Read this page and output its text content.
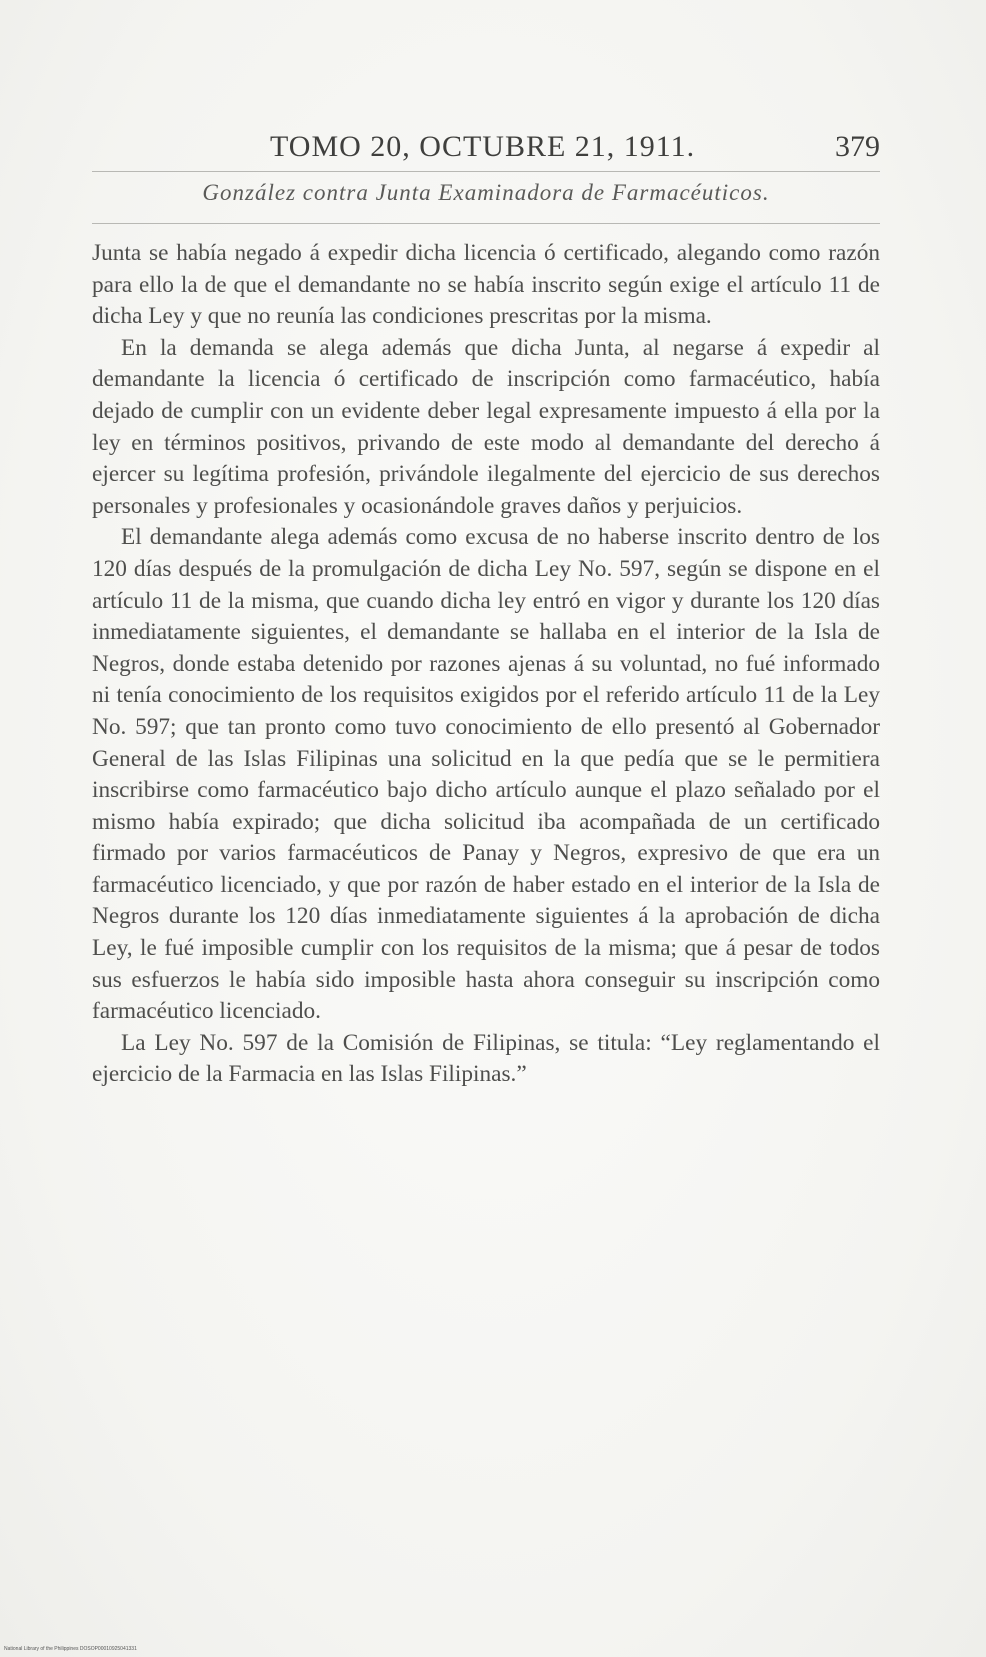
TOMO 20, OCTUBRE 21, 1911.	379
González contra Junta Examinadora de Farmacéuticos.

Junta se había negado á expedir dicha licencia ó certificado, alegando como razón para ello la de que el demandante no se había inscrito según exige el artículo 11 de dicha Ley y que no reunía las condiciones prescritas por la misma.

En la demanda se alega además que dicha Junta, al negarse á expedir al demandante la licencia ó certificado de inscripción como farmacéutico, había dejado de cumplir con un evidente deber legal expresamente impuesto á ella por la ley en términos positivos, privando de este modo al demandante del derecho á ejercer su legítima profesión, privándole ilegalmente del ejercicio de sus derechos personales y profesionales y ocasionándole graves daños y perjuicios.

El demandante alega además como excusa de no haberse inscrito dentro de los 120 días después de la promulgación de dicha Ley No. 597, según se dispone en el artículo 11 de la misma, que cuando dicha ley entró en vigor y durante los 120 días inmediatamente siguientes, el demandante se hallaba en el interior de la Isla de Negros, donde estaba detenido por razones ajenas á su voluntad, no fué informado ni tenía conocimiento de los requisitos exigidos por el referido artículo 11 de la Ley No. 597; que tan pronto como tuvo conocimiento de ello presentó al Gobernador General de las Islas Filipinas una solicitud en la que pedía que se le permitiera inscribirse como farmacéutico bajo dicho artículo aunque el plazo señalado por el mismo había expirado; que dicha solicitud iba acompañada de un certificado firmado por varios farmacéuticos de Panay y Negros, expresivo de que era un farmacéutico licenciado, y que por razón de haber estado en el interior de la Isla de Negros durante los 120 días inmediatamente siguientes á la aprobación de dicha Ley, le fué imposible cumplir con los requisitos de la misma; que á pesar de todos sus esfuerzos le había sido imposible hasta ahora conseguir su inscripción como farmacéutico licenciado.

La Ley No. 597 de la Comisión de Filipinas, se titula: “Ley reglamentando el ejercicio de la Farmacia en las Islas Filipinas.”

National Library of the Philippines DOSOP00010925041331
